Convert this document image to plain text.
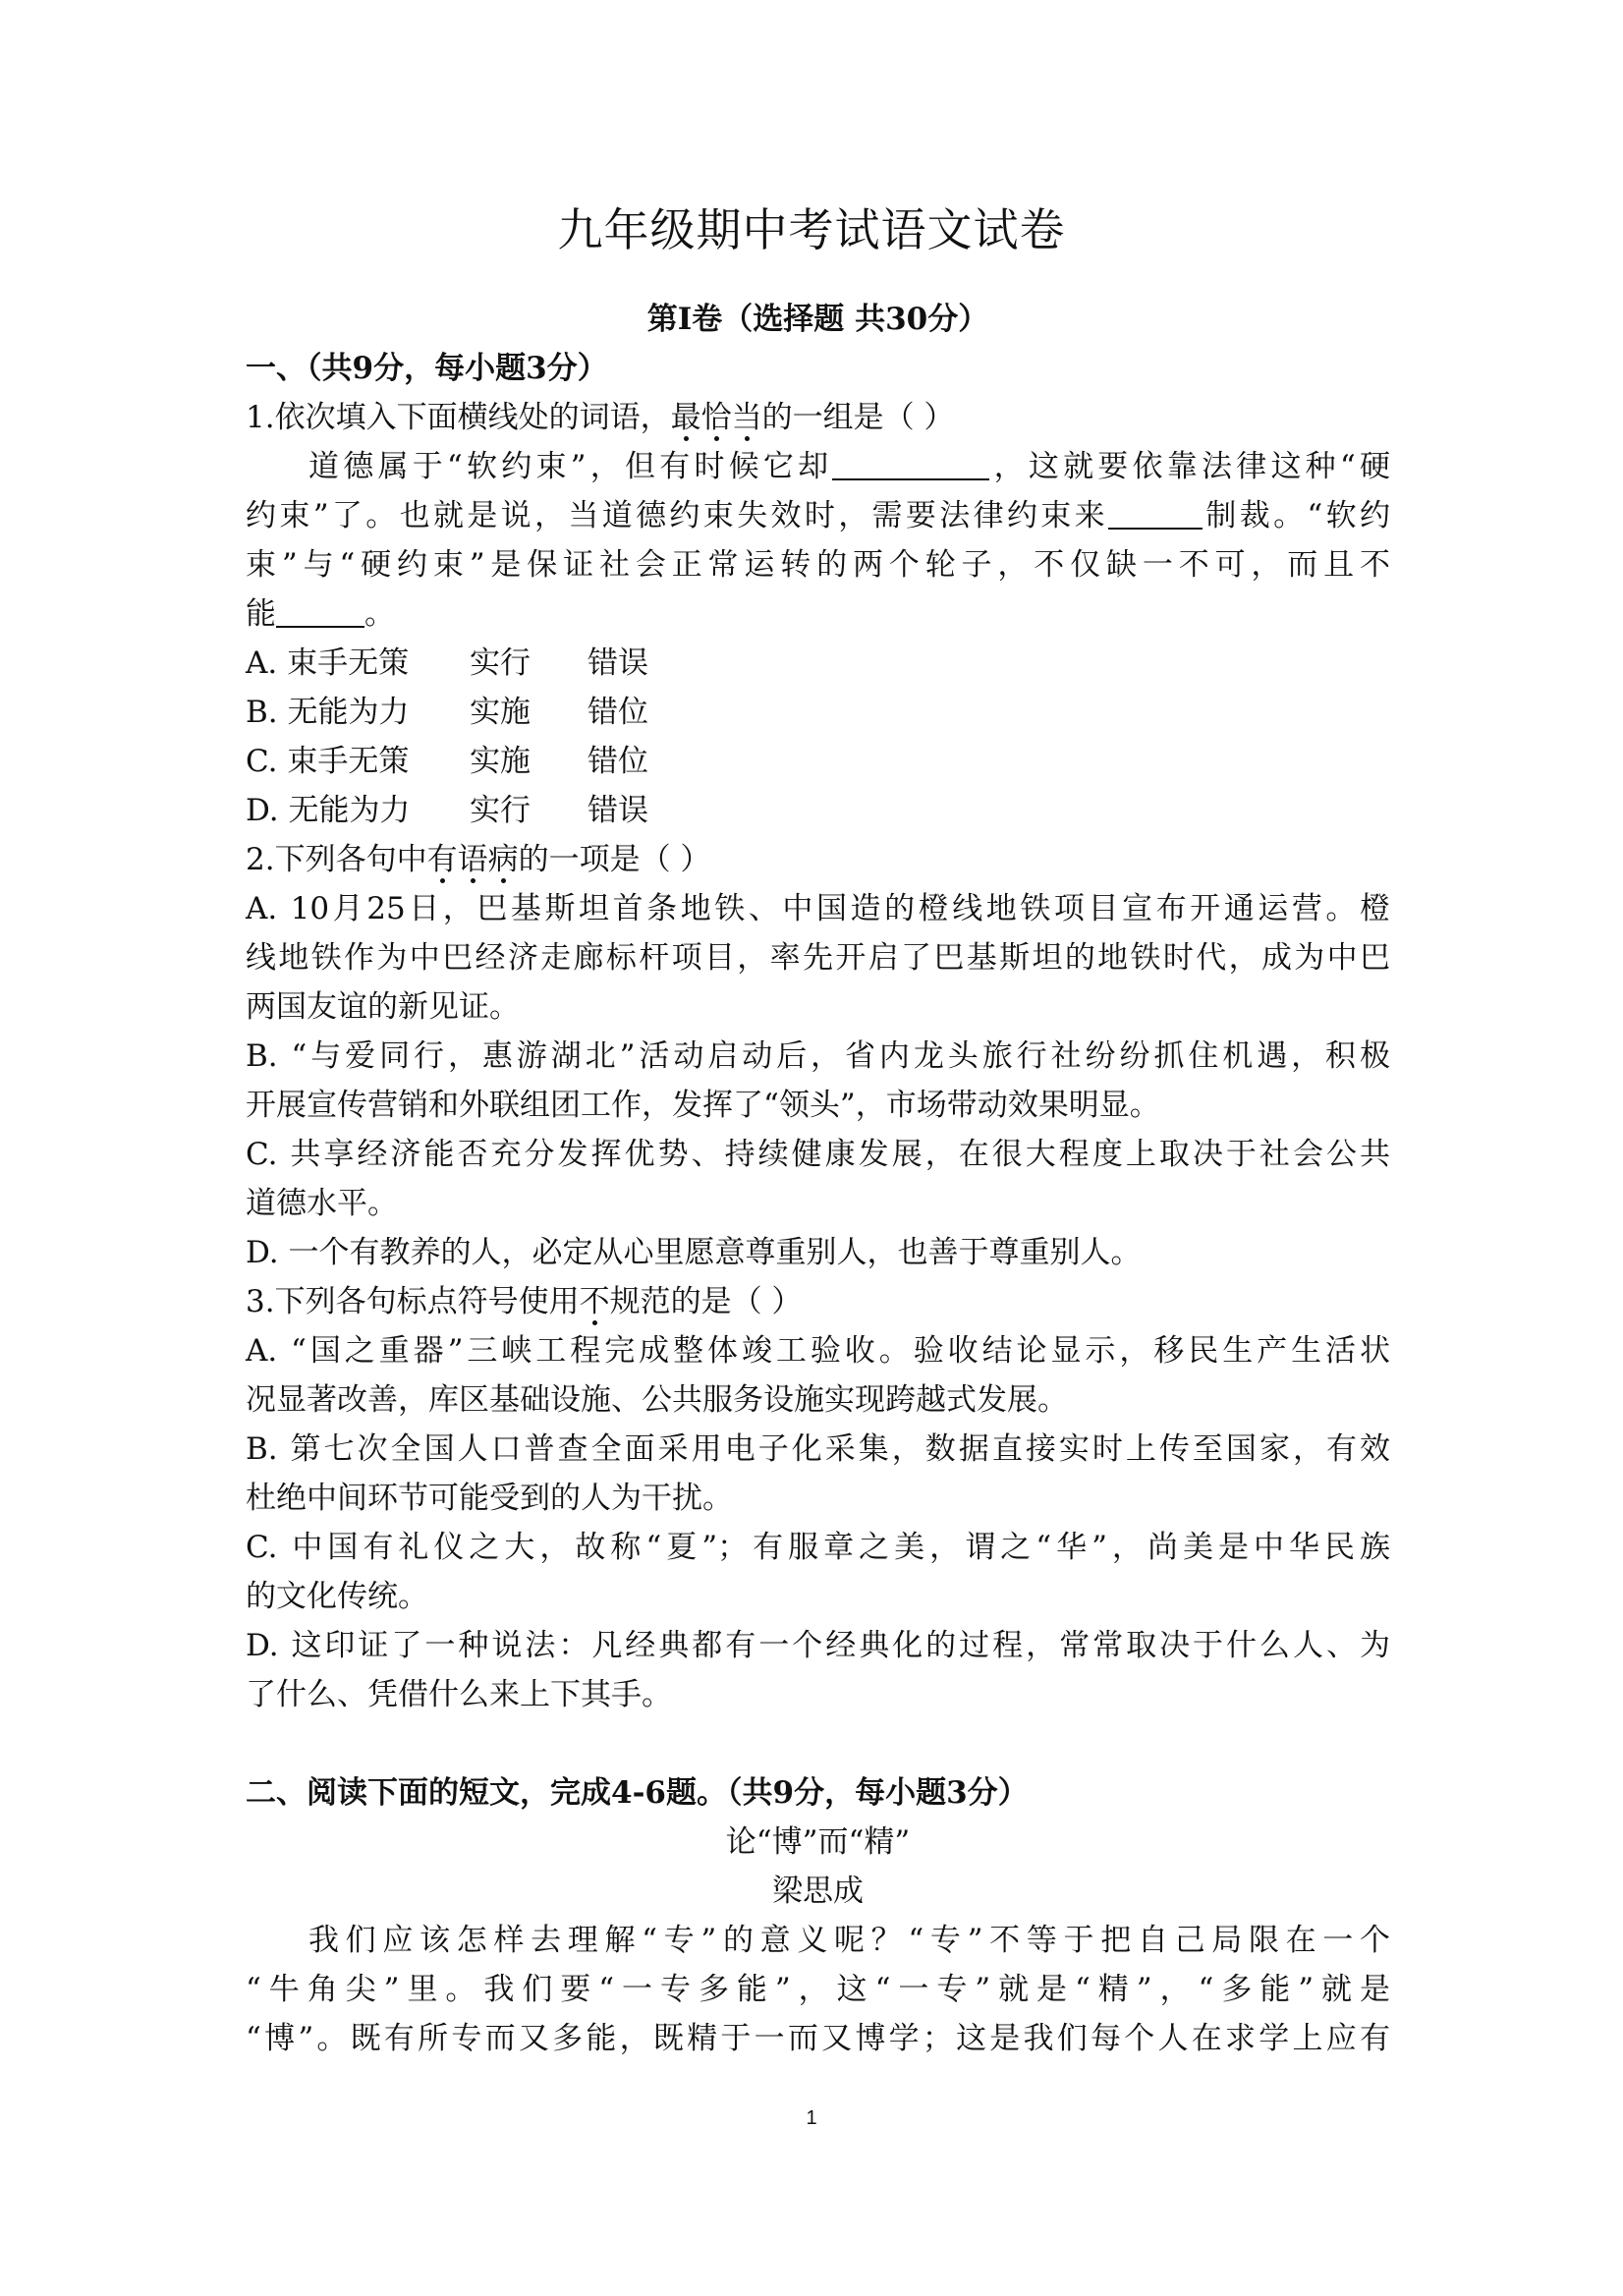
九年级期中考试语文试卷
第Ⅰ卷（选择题 共30分）
一、（共9分，每小题3分）
1.依次填入下面横线处的词语，最恰当的一组是（ ）
道德属于“软约束”，但有时候它却	，这就要依靠法律这种“硬
约束”了。也就是说，当道德约束失效时，需要法律约束来	制裁。“软约
束”与“硬约束”是保证社会正常运转的两个轮子，不仅缺一不可，而且不
能	。
A. 束手无策 实行 错误
B. 无能为力 实施 错位
C. 束手无策 实施 错位
D. 无能为力 实行 错误
2.下列各句中有语病的一项是（ ）
A. 10月25日，巴基斯坦首条地铁、中国造的橙线地铁项目宣布开通运营。橙
线地铁作为中巴经济走廊标杆项目，率先开启了巴基斯坦的地铁时代，成为中巴
两国友谊的新见证。
B. “与爱同行，惠游湖北”活动启动后，省内龙头旅行社纷纷抓住机遇，积极
开展宣传营销和外联组团工作，发挥了“领头”，市场带动效果明显。
C. 共享经济能否充分发挥优势、持续健康发展，在很大程度上取决于社会公共
道德水平。
D. 一个有教养的人，必定从心里愿意尊重别人，也善于尊重别人。
3.下列各句标点符号使用不规范的是（ ）
A. “国之重器”三峡工程完成整体竣工验收。验收结论显示，移民生产生活状
况显著改善，库区基础设施、公共服务设施实现跨越式发展。
B. 第七次全国人口普查全面采用电子化采集，数据直接实时上传至国家，有效
杜绝中间环节可能受到的人为干扰。
C. 中国有礼仪之大，故称“夏”；有服章之美，谓之“华”，尚美是中华民族
的文化传统。
D. 这印证了一种说法：凡经典都有一个经典化的过程，常常取决于什么人、为
了什么、凭借什么来上下其手。
二、阅读下面的短文，完成4-6题。（共9分，每小题3分）
论“博”而“精”
梁思成
我们应该怎样去理解“专”的意义呢？“专”不等于把自己局限在一个
“牛角尖”里。我们要“一专多能”，这“一专”就是“精”，“多能”就是
“博”。既有所专而又多能，既精于一而又博学；这是我们每个人在求学上应有
1
